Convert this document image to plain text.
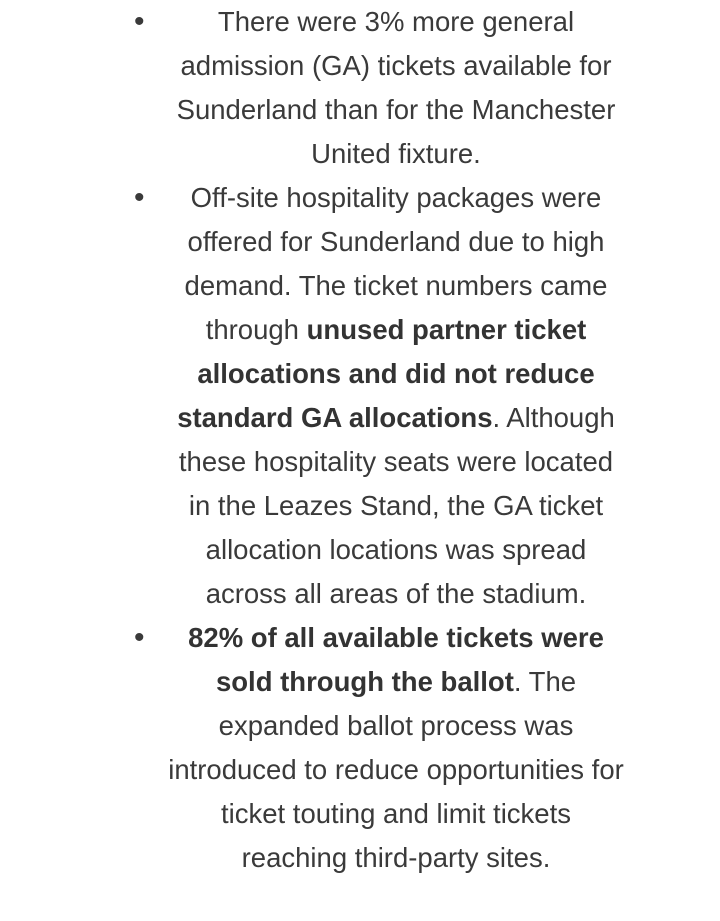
•	There were 3% more general admission (GA) tickets available for Sunderland than for the Manchester United fixture.
•	Off-site hospitality packages were offered for Sunderland due to high demand. The ticket numbers came through unused partner ticket allocations and did not reduce standard GA allocations. Although these hospitality seats were located in the Leazes Stand, the GA ticket allocation locations was spread across all areas of the stadium.
•	82% of all available tickets were sold through the ballot. The expanded ballot process was introduced to reduce opportunities for ticket touting and limit tickets reaching third-party sites.
